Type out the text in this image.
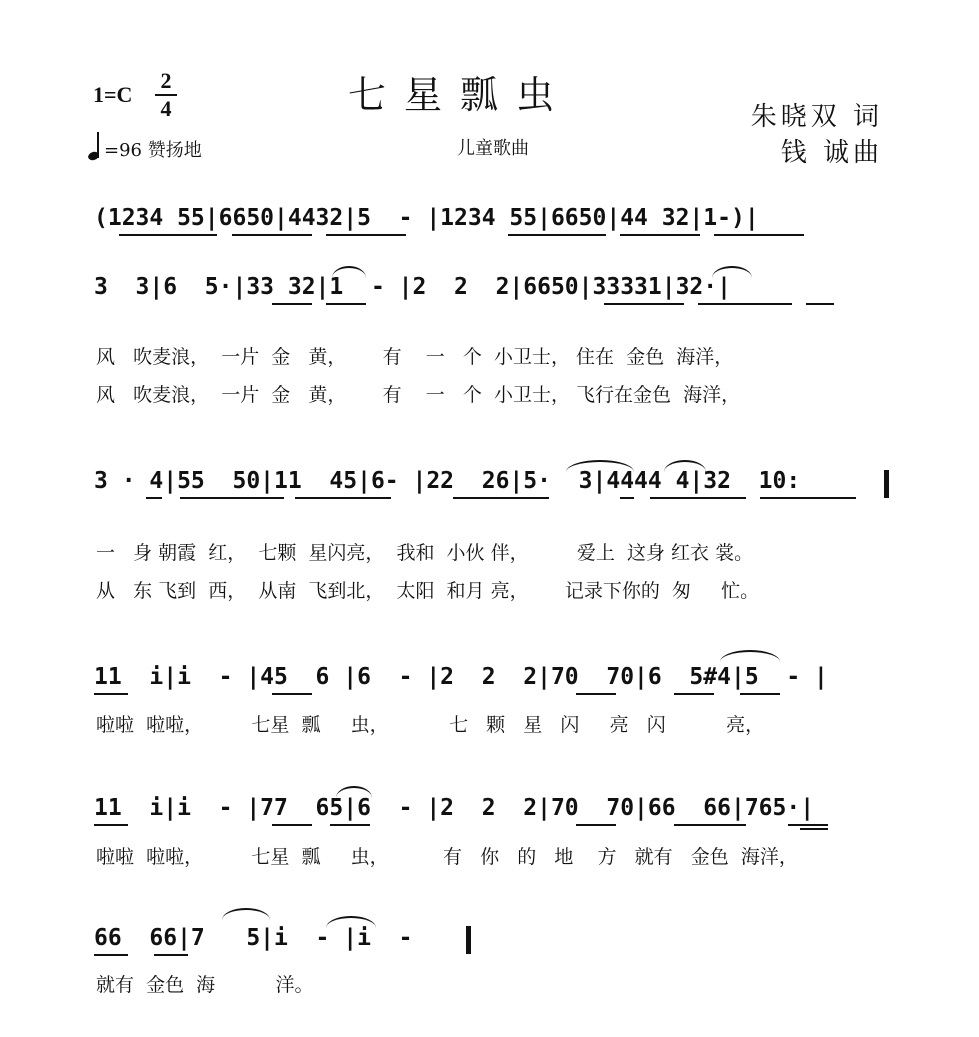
1=C
2
4
=96 赞扬地
七星瓢虫
儿童歌曲
朱晓双 词
钱 诚曲
(1234 55|6650|4432|5  - |1234 55|6650|44 32|1-)|
3  3|6  5·|33 32|1  - |2  2  2|6650|33331|32·|
风   吹麦浪，  一片  金   黄，      有    一   个  小卫士， 住在  金色  海洋，
风   吹麦浪，  一片  金   黄，      有    一   个  小卫士， 飞行在金色  海洋，
3 · 4|55  50|11  45|6- |22  26|5·  3|4444 4|32  10:
一   身 朝霞  红，  七颗  星闪亮，  我和  小伙 伴，        爱上  这身 红衣 裳。
从   东 飞到  西，  从南  飞到北，  太阳  和月 亮，      记录下你的  匆     忙。
11  i|i  - |45  6 |6  - |2  2  2|70  70|6  5#4|5  - |
啦啦  啦啦，        七星  瓢     虫，          七   颗   星   闪     亮   闪          亮，
11  i|i  - |77  65|6  - |2  2  2|70  70|66  66|765·|
啦啦  啦啦，        七星  瓢     虫，         有   你   的   地    方   就有   金色  海洋，
66  66|7   5|i  - |i  -
就有  金色  海          洋。
